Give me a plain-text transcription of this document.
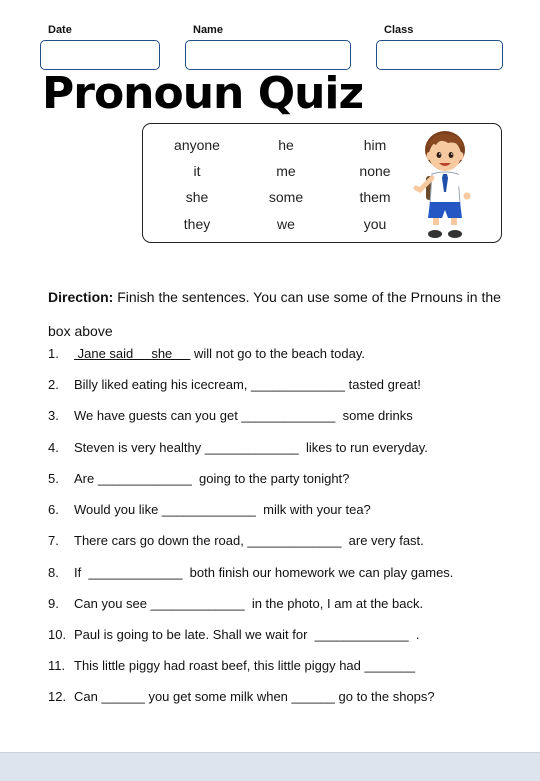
Date	Name	Class
Pronoun Quiz
anyone	he	him
it	me	none
she	some	them
they	we	you

Direction: Finish the sentences. You can use some of the Prnouns in the box above

1. Jane said     she      will not go to the beach today.
2. Billy liked eating his icecream, _____________ tasted great!
3. We have guests can you get _____________  some drinks
4. Steven is very healthy _____________  likes to run everyday.
5. Are _____________  going to the party tonight?
6. Would you like _____________  milk with your tea?
7. There cars go down the road, _____________  are very fast.
8. If  _____________  both finish our homework we can play games.
9. Can you see _____________  in the photo, I am at the back.
10. Paul is going to be late. Shall we wait for  _____________  .
11. This little piggy had roast beef, this little piggy had _______
12. Can ______ you get some milk when ______ go to the shops?
